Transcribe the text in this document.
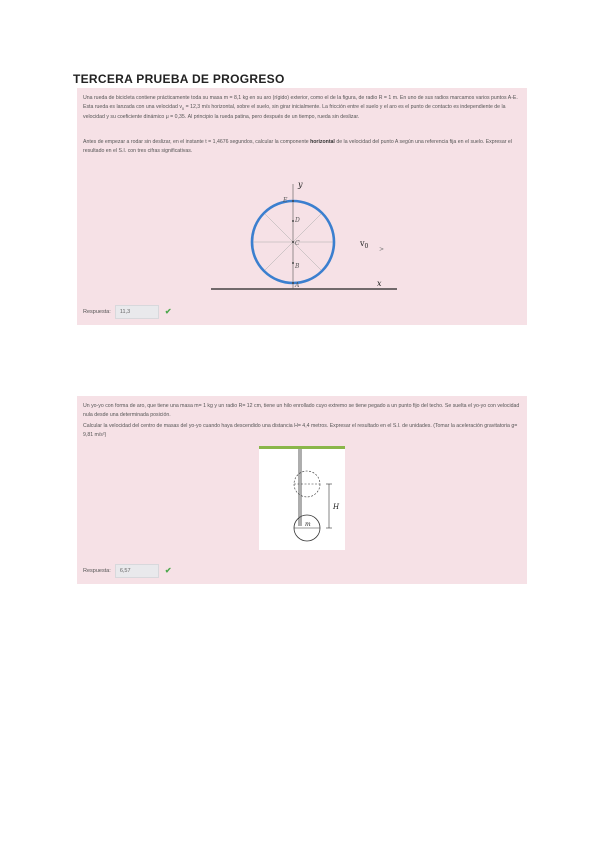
TERCERA PRUEBA DE PROGRESO

Una rueda de bicicleta contiene prácticamente toda su masa m = 8,1 kg en su aro (rígido) exterior, como el de la figura, de radio R = 1 m. En uno de sus radios marcamos varios puntos A-E. Esta rueda es lanzada con una velocidad $v_0 = 12,3$ m/s horizontal, sobre el suelo, sin girar inicialmente. La fricción entre el suelo y el aro es el punto de contacto es independiente de la velocidad y su coeficiente dinámico μ = 0,35. Al principio la rueda patina, pero después de un tiempo, rueda sin deslizar.

Antes de empezar a rodar sin deslizar, en el instante t = 1,4676 segundos, calcular la componente horizontal de la velocidad del punto A según una referencia fija en el suelo. Expresar el resultado en el S.I. con tres cifras significativas.

y
E
D
C
B
A
$v_0$ >
x
Respuesta:	11,3	✔

Un yo-yo con forma de aro, que tiene una masa m= 1 kg y un radio R= 12 cm, tiene un hilo enrollado cuyo extremo se tiene pegado a un punto fijo del techo. Se suelta el yo-yo con velocidad nula desde una determinada posición.

Calcular la velocidad del centro de masas del yo-yo cuando haya descendido una distancia H= 4,4 metros. Expresar el resultado en el S.I. de unidades. (Tomar la aceleración gravitatoria g= 9,81 m/s²)

H
m
Respuesta:	6,57	✔
